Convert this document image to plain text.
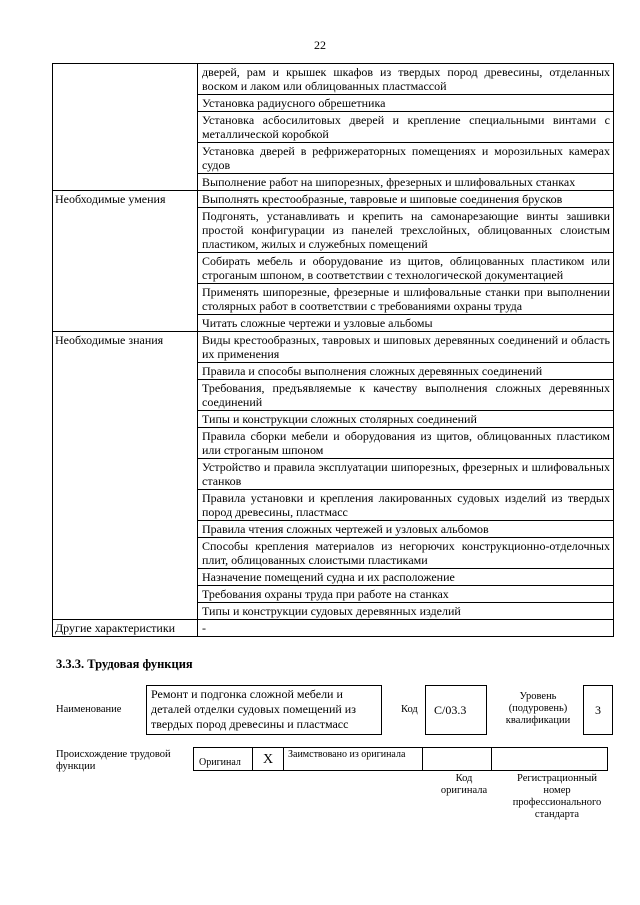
22
	дверей, рам и крышек шкафов из твердых пород древесины, отделанных воском и лаком или облицованных пластмассой
	Установка радиусного обрешетника
	Установка асбосилитовых дверей и крепление специальными винтами с металлической коробкой
	Установка дверей в рефрижераторных помещениях и морозильных камерах судов
	Выполнение работ на шипорезных, фрезерных и шлифовальных станках
Необходимые умения	Выполнять крестообразные, тавровые и шиповые соединения брусков
	Подгонять, устанавливать и крепить на самонарезающие винты зашивки простой конфигурации из панелей трехслойных, облицованных слоистым пластиком, жилых и служебных помещений
	Собирать мебель и оборудование из щитов, облицованных пластиком или строганым шпоном, в соответствии с технологической документацией
	Применять шипорезные, фрезерные и шлифовальные станки при выполнении столярных работ в соответствии с требованиями охраны труда
	Читать сложные чертежи и узловые альбомы
Необходимые знания	Виды крестообразных, тавровых и шиповых деревянных соединений и область их применения
	Правила и способы выполнения сложных деревянных соединений
	Требования, предъявляемые к качеству выполнения сложных деревянных соединений
	Типы и конструкции сложных столярных соединений
	Правила сборки мебели и оборудования из щитов, облицованных пластиком или строганым шпоном
	Устройство и правила эксплуатации шипорезных, фрезерных и шлифовальных станков
	Правила установки и крепления лакированных судовых изделий из твердых пород древесины, пластмасс
	Правила чтения сложных чертежей и узловых альбомов
	Способы крепления материалов из негорючих конструкционно-отделочных плит, облицованных слоистыми пластиками
	Назначение помещений судна и их расположение
	Требования охраны труда при работе на станках
	Типы и конструкции судовых деревянных изделий
Другие характеристики	-
3.3.3. Трудовая функция
Наименование
Ремонт и подгонка сложной мебели и деталей отделки судовых помещений из твердых пород древесины и пластмасс
Код	C/03.3
Уровень (подуровень) квалификации
3
Происхождение трудовой функции	Оригинал	X	Заимствовано из оригинала
Код оригинала
Регистрационный номер профессионального стандарта
